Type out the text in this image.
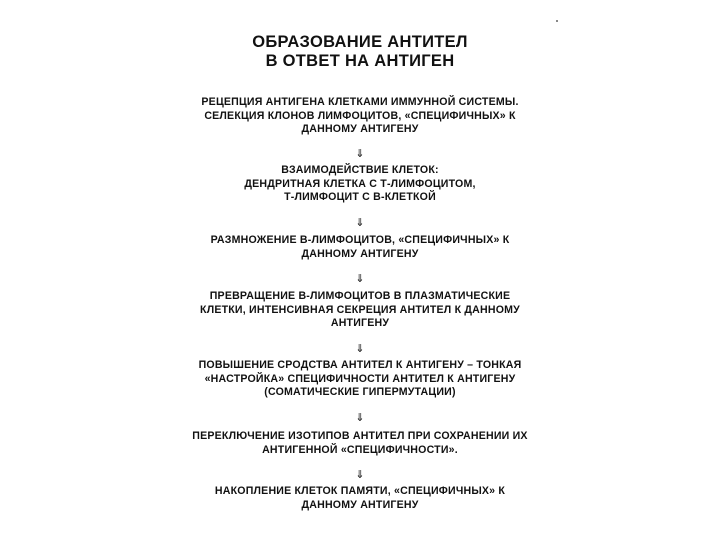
ОБРАЗОВАНИЕ АНТИТЕЛ
В ОТВЕТ НА АНТИГЕН
РЕЦЕПЦИЯ АНТИГЕНА КЛЕТКАМИ ИММУННОЙ СИСТЕМЫ.
СЕЛЕКЦИЯ КЛОНОВ ЛИМФОЦИТОВ, «СПЕЦИФИЧНЫХ» К
ДАННОМУ АНТИГЕНУ
⇓
ВЗАИМОДЕЙСТВИЕ КЛЕТОК:
ДЕНДРИТНАЯ КЛЕТКА С Т-ЛИМФОЦИТОМ,
Т-ЛИМФОЦИТ С В-КЛЕТКОЙ
⇓
РАЗМНОЖЕНИЕ В-ЛИМФОЦИТОВ, «СПЕЦИФИЧНЫХ» К
ДАННОМУ АНТИГЕНУ
⇓
ПРЕВРАЩЕНИЕ В-ЛИМФОЦИТОВ В ПЛАЗМАТИЧЕСКИЕ
КЛЕТКИ, ИНТЕНСИВНАЯ СЕКРЕЦИЯ АНТИТЕЛ К ДАННОМУ
АНТИГЕНУ
⇓
ПОВЫШЕНИЕ СРОДСТВА АНТИТЕЛ К АНТИГЕНУ – ТОНКАЯ
«НАСТРОЙКА» СПЕЦИФИЧНОСТИ АНТИТЕЛ К АНТИГЕНУ
(СОМАТИЧЕСКИЕ ГИПЕРМУТАЦИИ)
⇓
ПЕРЕКЛЮЧЕНИЕ ИЗОТИПОВ АНТИТЕЛ ПРИ СОХРАНЕНИИ ИХ
АНТИГЕННОЙ «СПЕЦИФИЧНОСТИ».
⇓
НАКОПЛЕНИЕ КЛЕТОК ПАМЯТИ, «СПЕЦИФИЧНЫХ» К
ДАННОМУ АНТИГЕНУ
